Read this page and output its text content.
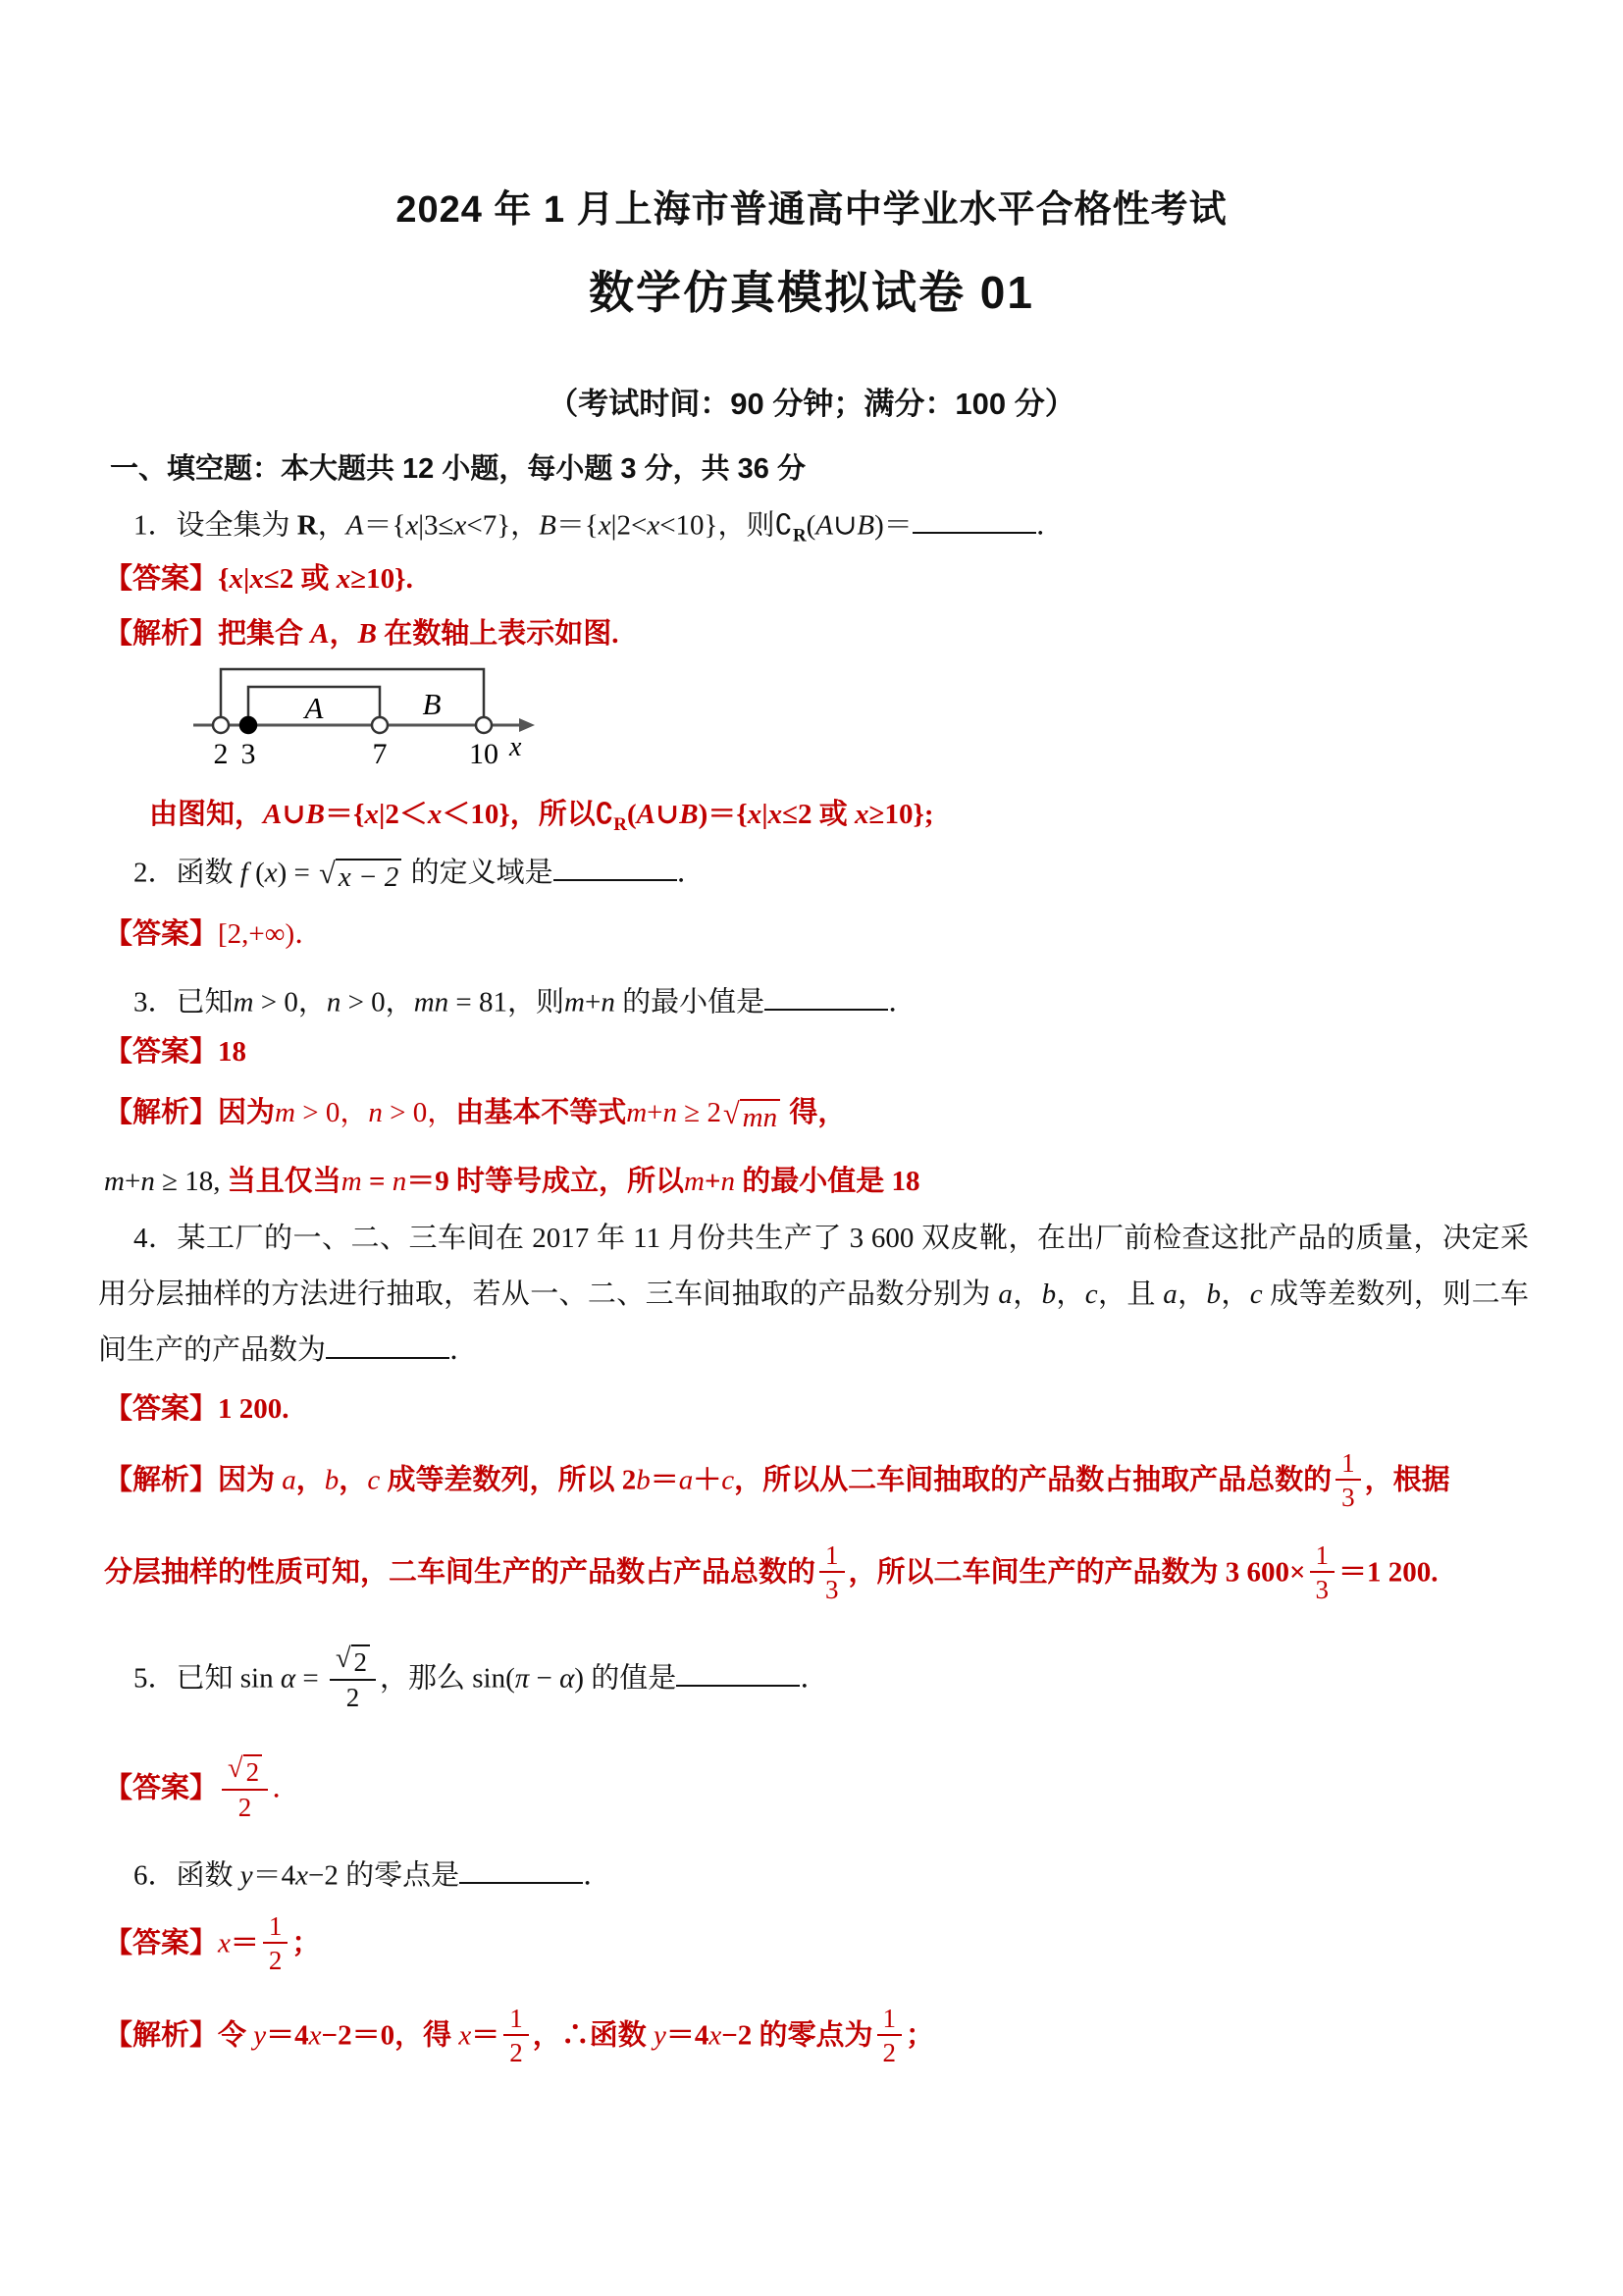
2024 年 1 月上海市普通高中学业水平合格性考试
数学仿真模拟试卷 01
（考试时间：90 分钟；满分：100 分）
一、填空题：本大题共 12 小题，每小题 3 分，共 36 分
1．设全集为 R，A＝{x|3≤x<7}，B＝{x|2<x<10}，则$∁_R(A\cup B)=$	．
【答案】{x|x≤2 或 x≥10}.
【解析】把集合 A，B 在数轴上表示如图.
A	B
2 3	7	10 x
由图知，A∪B＝{x|2＜x＜10}，所以$∁_R(A\cup B)=\{x|x\le 2$ 或 x≥10};
2．函数 f (x) = √ x − 2 的定义域是	．
【答案】[2,+∞)．
3．已知m > 0，n > 0，mn = 81，则m+n 的最小值是	．
【答案】18
【解析】因为m > 0，n > 0，由基本不等式m+n ≥ 2 √ mn 得，
m+n ≥ 18, 当且仅当m = n＝9 时等号成立，所以m+n 的最小值是 18
4．某工厂的一、二、三车间在 2017 年 11 月份共生产了 3 600 双皮靴，在出厂前检查这批产品的质量，决定采用分层抽样的方法进行抽取，若从一、二、三车间抽取的产品数分别为 a，b，c，且 a，b，c 成等差数列，则二车间生产的产品数为	．
【答案】1 200.
【解析】因为 a，b，c 成等差数列，所以 2b＝a＋c，所以从二车间抽取的产品数占抽取产品总数的 $\frac{1}{3}$ ，根据
分层抽样的性质可知，二车间生产的产品数占产品总数的 $\frac{1}{3}$ ，所以二车间生产的产品数为 3 $600\times \frac{1}{3} =1$ 200.
5．已知 $\sin \alpha = \frac{√ 2}{2}$ ，那么 sin(π − α) 的值是	．
【答案】 $\frac{√ 2}{2}$ ．
6．函数 y＝4x−2 的零点是	．
【答案】$x= \frac{1}{2}$ ；
【解析】令 y＝4x−2＝0，得 $x= \frac{1}{2}$ ，∴函数 y＝4x−2 的零点为 $\frac{1}{2}$ ；
